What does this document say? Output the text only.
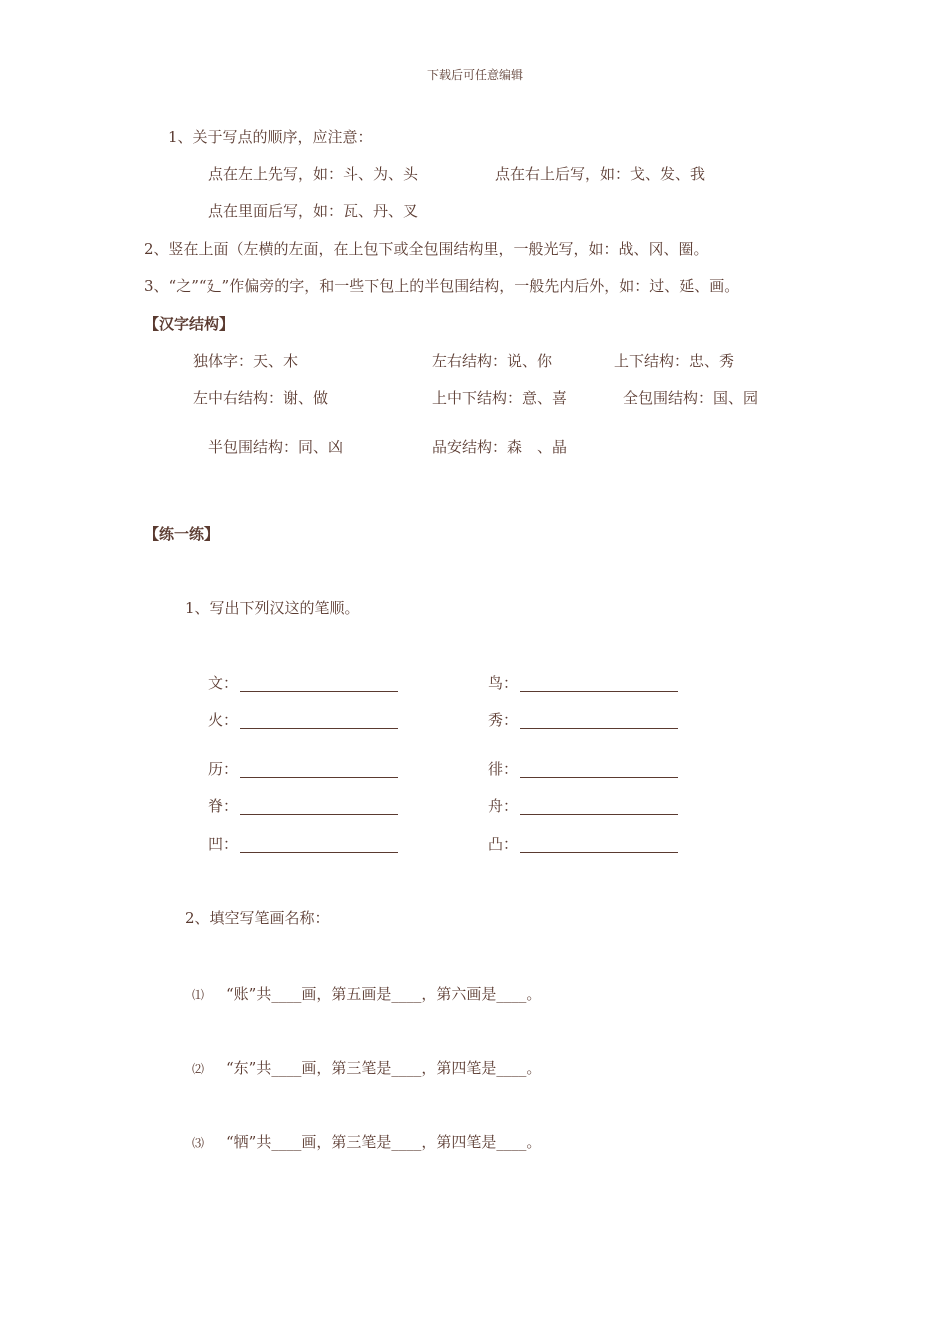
下载后可任意编辑
1、关于写点的顺序，应注意：
点在左上先写，如：斗、为、头	点在右上后写，如：戈、发、我
点在里面后写，如：瓦、丹、叉
2、竖在上面（左横的左面，在上包下或全包围结构里，一般光写，如：战、冈、圈。
3、“之”“廴”作偏旁的字，和一些下包上的半包围结构，一般先内后外，如：过、延、画。
【汉字结构】
独体字：天、木	左右结构：说、你	上下结构：忠、秀
左中右结构：谢、做	上中下结构：意、喜	全包围结构：国、园
半包围结构：同、凶	品安结构：森　、晶
【练一练】
1、写出下列汉这的笔顺。
文：	鸟：
火：	秀：
历：	徘：
脊：	舟：
凹：	凸：
2、填空写笔画名称：
⑴ “账”共____画，第五画是____，第六画是____。
⑵ “东”共____画，第三笔是____，第四笔是____。
⑶ “牺”共____画，第三笔是____，第四笔是____。
